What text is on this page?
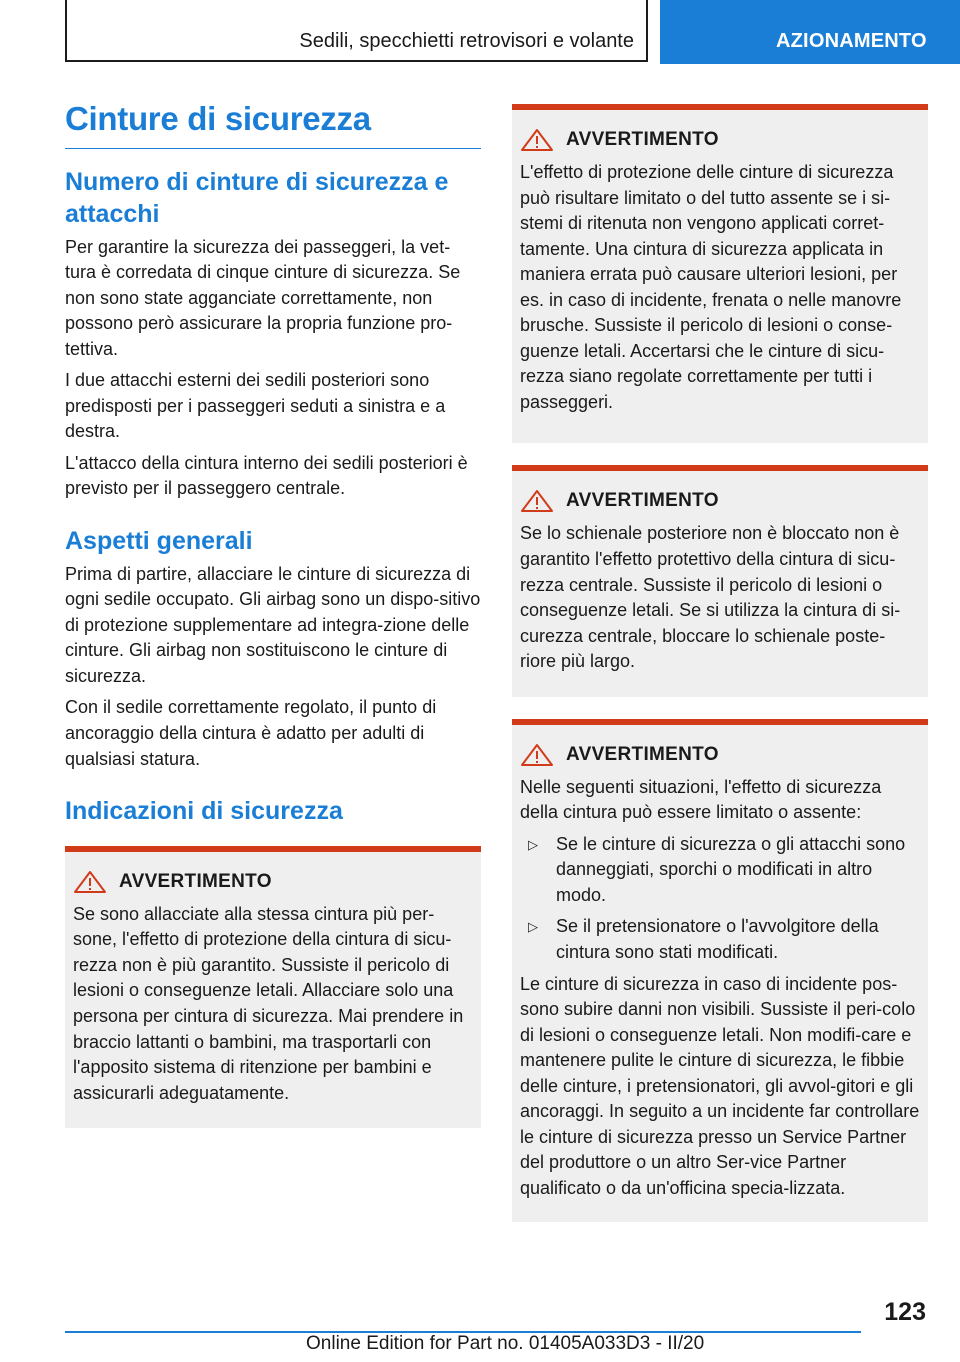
Sedili, specchietti retrovisori e volante	AZIONAMENTO
Cinture di sicurezza
Numero di cinture di sicurezza e attacchi

Per garantire la sicurezza dei passeggeri, la vet‐tura è corredata di cinque cinture di sicurezza. Se non sono state agganciate correttamente, non possono però assicurare la propria funzione pro‐tettiva.

I due attacchi esterni dei sedili posteriori sono predisposti per i passeggeri seduti a sinistra e a destra.

L'attacco della cintura interno dei sedili posteriori è previsto per il passeggero centrale.

Aspetti generali

Prima di partire, allacciare le cinture di sicurezza di ogni sedile occupato. Gli airbag sono un dispo‐sitivo di protezione supplementare ad integra‐zione delle cinture. Gli airbag non sostituiscono le cinture di sicurezza.

Con il sedile correttamente regolato, il punto di ancoraggio della cintura è adatto per adulti di qualsiasi statura.

Indicazioni di sicurezza
AVVERTIMENTO

Se sono allacciate alla stessa cintura più per‐sone, l'effetto di protezione della cintura di sicu‐rezza non è più garantito. Sussiste il pericolo di lesioni o conseguenze letali. Allacciare solo una persona per cintura di sicurezza. Mai prendere in braccio lattanti o bambini, ma trasportarli con l'apposito sistema di ritenzione per bambini e assicurarli adeguatamente.

AVVERTIMENTO

L'effetto di protezione delle cinture di sicurezza può risultare limitato o del tutto assente se i si‐stemi di ritenuta non vengono applicati corret‐tamente. Una cintura di sicurezza applicata in maniera errata può causare ulteriori lesioni, per es. in caso di incidente, frenata o nelle manovre brusche. Sussiste il pericolo di lesioni o conse‐guenze letali. Accertarsi che le cinture di sicu‐rezza siano regolate correttamente per tutti i passeggeri.

AVVERTIMENTO

Se lo schienale posteriore non è bloccato non è garantito l'effetto protettivo della cintura di sicu‐rezza centrale. Sussiste il pericolo di lesioni o conseguenze letali. Se si utilizza la cintura di si‐curezza centrale, bloccare lo schienale poste‐riore più largo.

AVVERTIMENTO

Nelle seguenti situazioni, l'effetto di sicurezza della cintura può essere limitato o assente:

▷ Se le cinture di sicurezza o gli attacchi sono danneggiati, sporchi o modificati in altro modo.
▷ Se il pretensionatore o l'avvolgitore della cintura sono stati modificati.

Le cinture di sicurezza in caso di incidente pos‐sono subire danni non visibili. Sussiste il peri‐colo di lesioni o conseguenze letali. Non modifi‐care e mantenere pulite le cinture di sicurezza, le fibbie delle cinture, i pretensionatori, gli avvol‐gitori e gli ancoraggi. In seguito a un incidente far controllare le cinture di sicurezza presso un Service Partner del produttore o un altro Ser‐vice Partner qualificato o da un'officina specia‐lizzata.

123
Online Edition for Part no. 01405A033D3 - II/20
